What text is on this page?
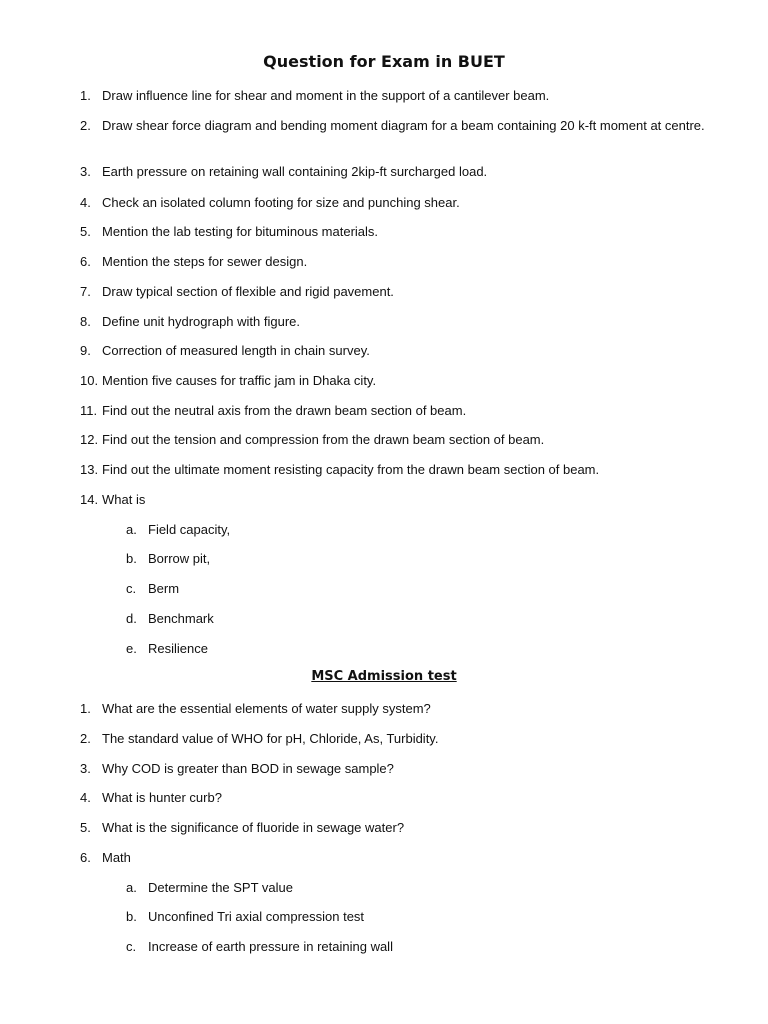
Question for Exam in BUET
1. Draw influence line for shear and moment in the support of a cantilever beam.
2. Draw shear force diagram and bending moment diagram for a beam containing 20 k-ft moment at centre.
3. Earth pressure on retaining wall containing 2kip-ft surcharged load.
4. Check an isolated column footing for size and punching shear.
5. Mention the lab testing for bituminous materials.
6. Mention the steps for sewer design.
7. Draw typical section of flexible and rigid pavement.
8. Define unit hydrograph with figure.
9. Correction of measured length in chain survey.
10. Mention five causes for traffic jam in Dhaka city.
11. Find out the neutral axis from the drawn beam section of beam.
12. Find out the tension and compression from the drawn beam section of beam.
13. Find out the ultimate moment resisting capacity from the drawn beam section of beam.
14. What is
a. Field capacity,
b. Borrow pit,
c. Berm
d. Benchmark
e. Resilience
MSC Admission test
1. What are the essential elements of water supply system?
2. The standard value of WHO for pH, Chloride, As, Turbidity.
3. Why COD is greater than BOD in sewage sample?
4. What is hunter curb?
5. What is the significance of fluoride in sewage water?
6. Math
a. Determine the SPT value
b. Unconfined Tri axial compression test
c. Increase of earth pressure in retaining wall
